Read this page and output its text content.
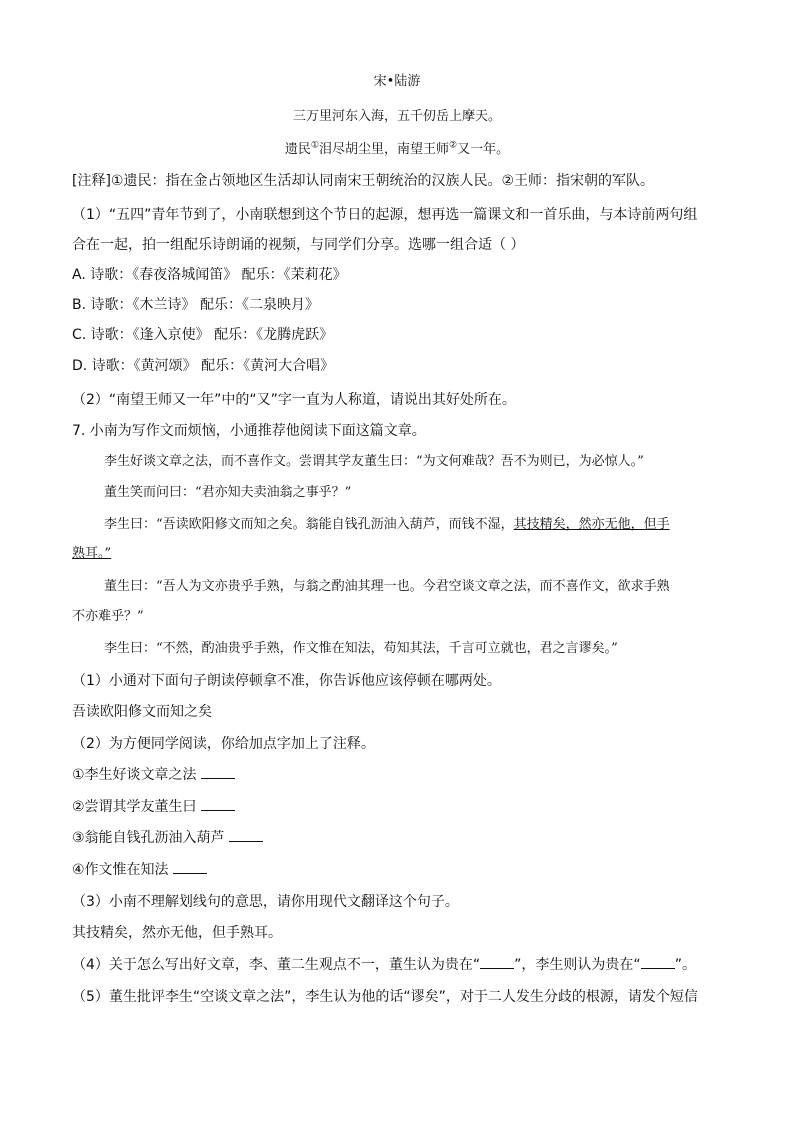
宋•陆游
三万里河东入海，五千仞岳上摩天。
遗民①泪尽胡尘里，南望王师②又一年。
[注释]①遗民：指在金占领地区生活却认同南宋王朝统治的汉族人民。②王师：指宋朝的军队。
（1）“五四”青年节到了，小南联想到这个节日的起源，想再选一篇课文和一首乐曲，与本诗前两句组
合在一起，拍一组配乐诗朗诵的视频，与同学们分享。选哪一组合适（ ）
A. 诗歌：《春夜洛城闻笛》 配乐：《茉莉花》
B. 诗歌：《木兰诗》 配乐：《二泉映月》
C. 诗歌：《逢入京使》 配乐：《龙腾虎跃》
D. 诗歌：《黄河颂》 配乐：《黄河大合唱》
（2）“南望王师又一年”中的“又”字一直为人称道，请说出其好处所在。
7. 小南为写作文而烦恼，小通推荐他阅读下面这篇文章。
李生好谈文章之法，而不喜作文。尝谓其学友董生曰：“为文何难哉？吾不为则已，为必惊人。”
董生笑而问曰：“君亦知夫卖油翁之事乎？”
李生曰：“吾读欧阳修文而知之矣。翁能自钱孔沥油入葫芦，而钱不湿，其技精矣，然亦无他，但手
熟耳。”
董生曰：“吾人为文亦贵乎手熟，与翁之酌油其理一也。今君空谈文章之法，而不喜作文，欲求手熟
不亦难乎？”
李生曰：“不然，酌油贵乎手熟，作文惟在知法，苟知其法，千言可立就也，君之言谬矣。”
（1）小通对下面句子朗读停顿拿不准，你告诉他应该停顿在哪两处。
吾读欧阳修文而知之矣
（2）为方便同学阅读，你给加点字加上了注释。
①李生好谈文章之法
②尝谓其学友董生曰
③翁能自钱孔沥油入葫芦
④作文惟在知法
（3）小南不理解划线句的意思，请你用现代文翻译这个句子。
其技精矣，然亦无他，但手熟耳。
（4）关于怎么写出好文章，李、董二生观点不一，董生认为贵在“ ”，李生则认为贵在“ ”。
（5）董生批评李生“空谈文章之法”，李生认为他的话“谬矣”，对于二人发生分歧的根源，请发个短信
